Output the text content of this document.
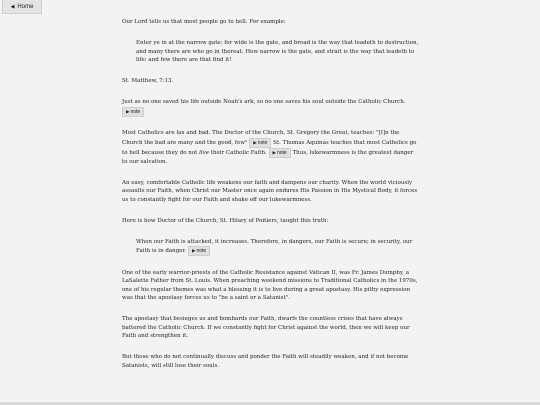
◀ Home

Our Lord tells us that most people go to hell. For example:

Enter ye in at the narrow gate: for wide is the gate, and broad is the way that leadeth to destruction, and many there are who go in thereat. How narrow is the gate, and strait is the way that leadeth to life: and few there are that find it!

St. Matthew, 7:13.

Just as no one saved his life outside Noah's ark, so no one saves his soul outside the Catholic Church. ▶note

Most Catholics are lax and bad. The Doctor of the Church, St. Gregory the Great, teaches: "[I]n the Church the bad are many and the good, few" ▶note St. Thomas Aquinas teaches that most Catholics go to hell because they do not live their Catholic Faith. ▶note Thus, lukewarmness is the greatest danger to our salvation.

An easy, comfortable Catholic life weakens our faith and dampens our charity. When the world viciously assaults our Faith, when Christ our Master once again endures His Passion in His Mystical Body, it forces us to constantly fight for our Faith and shake off our lukewarmness.

Here is how Doctor of the Church, St. Hilary of Poitiers, taught this truth:

When our Faith is attacked, it increases. Therefore, in dangers, our Faith is secure; in security, our Faith is in danger. ▶note

One of the early warrior-priests of the Catholic Resistance against Vatican II, was Fr. James Dumphy, a LaSalette Father from St. Louis. When preaching weekend missions to Traditional Catholics in the 1970s, one of his regular themes was what a blessing it is to live during a great apostasy. His pithy expression was that the apostasy forces us to "be a saint or a Satanist".

The apostasy that besieges us and bombards our Faith, dwarfs the countless crises that have always battered the Catholic Church. If we constantly fight for Christ against the world, then we will keep our Faith and strengthen it.

But those who do not continually discuss and ponder the Faith will steadily weaken, and if not become Satanists, will still lose their souls.
